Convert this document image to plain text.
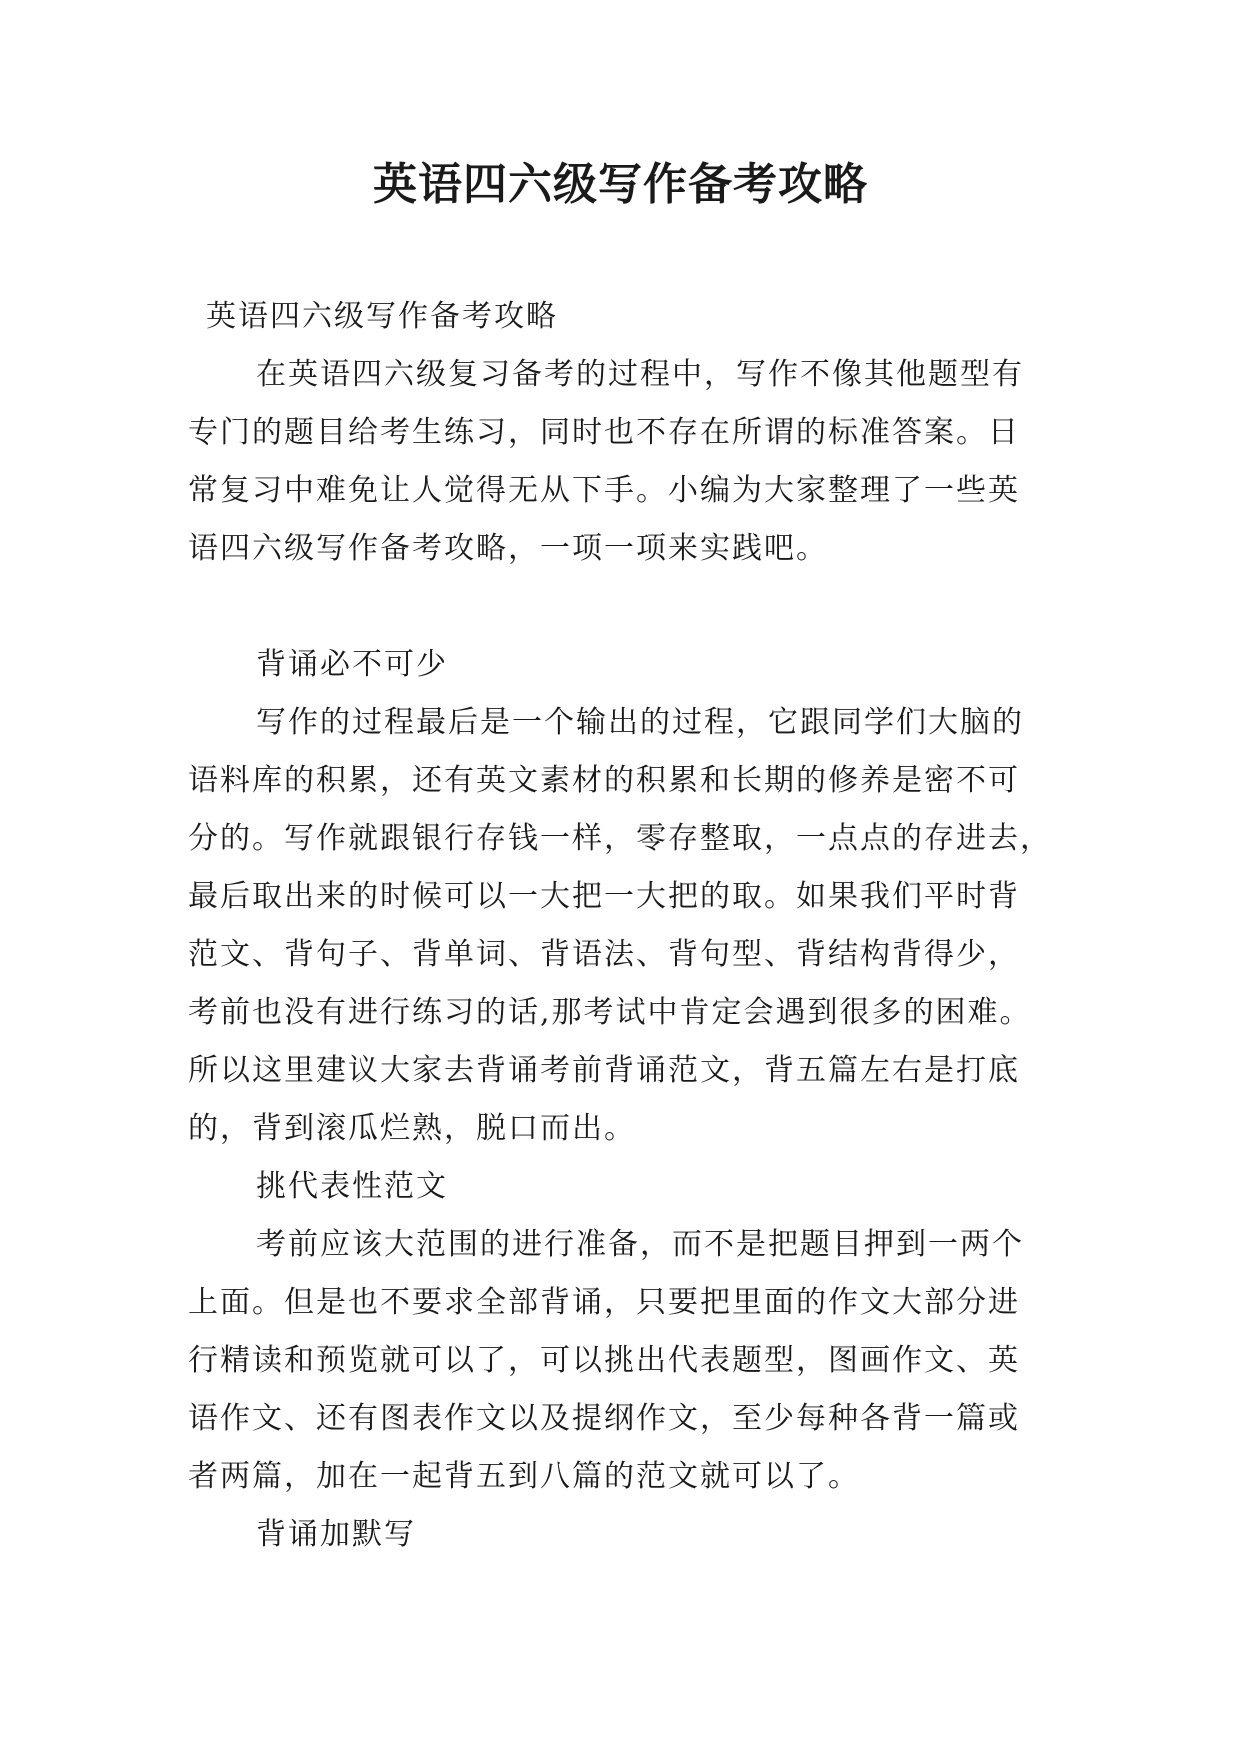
英语四六级写作备考攻略

英语四六级写作备考攻略

在英语四六级复习备考的过程中，写作不像其他题型有

专门的题目给考生练习，同时也不存在所谓的标准答案。日

常复习中难免让人觉得无从下手。小编为大家整理了一些英

语四六级写作备考攻略，一项一项来实践吧。

背诵必不可少

写作的过程最后是一个输出的过程，它跟同学们大脑的

语料库的积累，还有英文素材的积累和长期的修养是密不可

分的。写作就跟银行存钱一样，零存整取，一点点的存进去，

最后取出来的时候可以一大把一大把的取。如果我们平时背

范文、背句子、背单词、背语法、背句型、背结构背得少，

考前也没有进行练习的话,那考试中肯定会遇到很多的困难。

所以这里建议大家去背诵考前背诵范文，背五篇左右是打底

的，背到滚瓜烂熟，脱口而出。

挑代表性范文

考前应该大范围的进行准备，而不是把题目押到一两个

上面。但是也不要求全部背诵，只要把里面的作文大部分进

行精读和预览就可以了，可以挑出代表题型，图画作文、英

语作文、还有图表作文以及提纲作文，至少每种各背一篇或

者两篇，加在一起背五到八篇的范文就可以了。

背诵加默写
